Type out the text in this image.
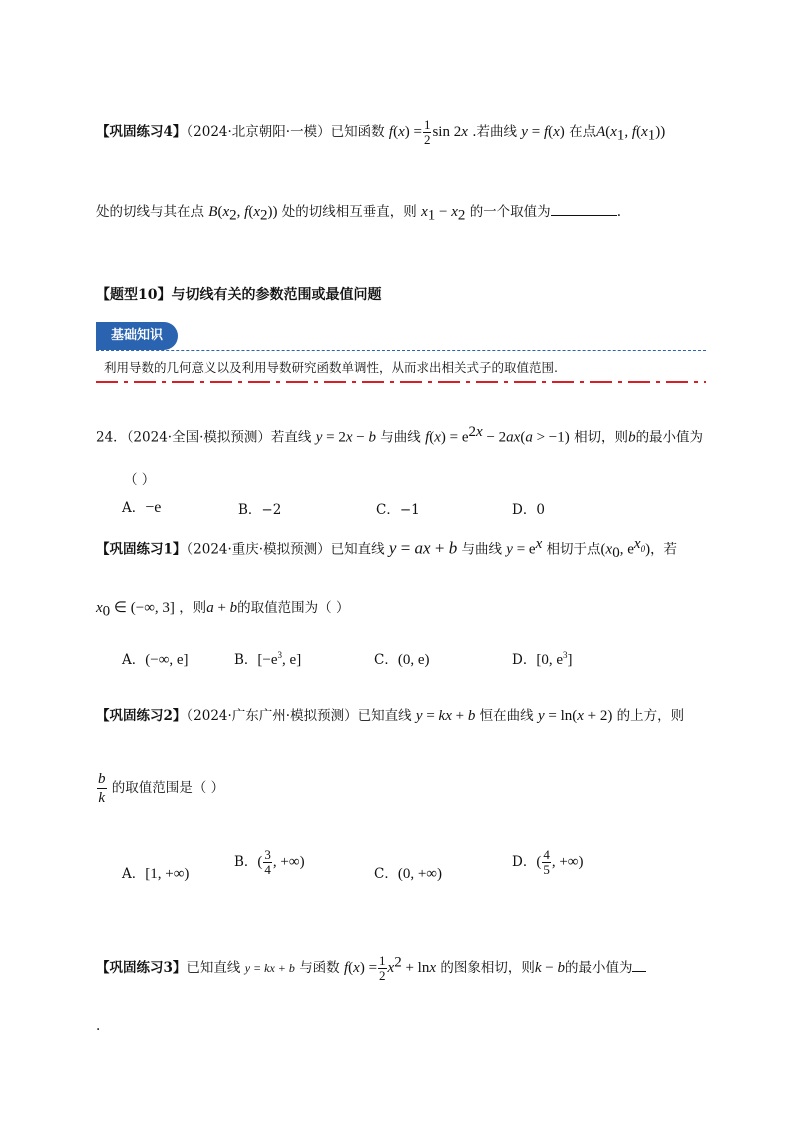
【巩固练习4】（2024·北京朝阳·一模）已知函数 $f(x) = \frac{1}{2}$ sin 2x .若曲线 y = f(x) 在点$A(x_1$, $f(x_1)$)
处的切线与其在点 $B(x_2$, $f(x_2)$) 处的切线相互垂直，则 $x_1 - x_2$ 的一个取值为	.
【题型10】与切线有关的参数范围或最值问题
基础知识
利用导数的几何意义以及利用导数研究函数单调性，从而求出相关式子的取值范围.
24．（2024·全国·模拟预测）若直线 y = 2x − b 与曲线 $f(x) = e^{2x} - 2ax(a > -1)$ 相切，则b的最小值为
（ ）
A．−e	B．−2	C．−1	D．0
【巩固练习1】（2024·重庆·模拟预测）已知直线 y = ax + b 与曲线 $y = e^x$ 相切于点($x_0$, $e^{x_0}$)，若
$x_0$ ∈ (−∞, 3] ，则a + b的取值范围为（ ）
A．(−∞, e]	B．[$-e^3$, e]	C．(0, e)	D．[0, $e^3$]
【巩固练习2】（2024·广东广州·模拟预测）已知直线 y = kx + b 恒在曲线 y = ln(x + 2) 的上方，则
$\frac{b}{k}$ 的取值范围是（ ）
A．[1, +∞)
B．( $\frac{3}{4}$ , +∞)
C．(0, +∞)
D．( $\frac{4}{5}$ , +∞)
【巩固练习3】已知直线 y = kx + b 与函数 $f(x) = \frac{1}{2} x^2 + \ln x$ 的图象相切，则k − b的最小值为
.
